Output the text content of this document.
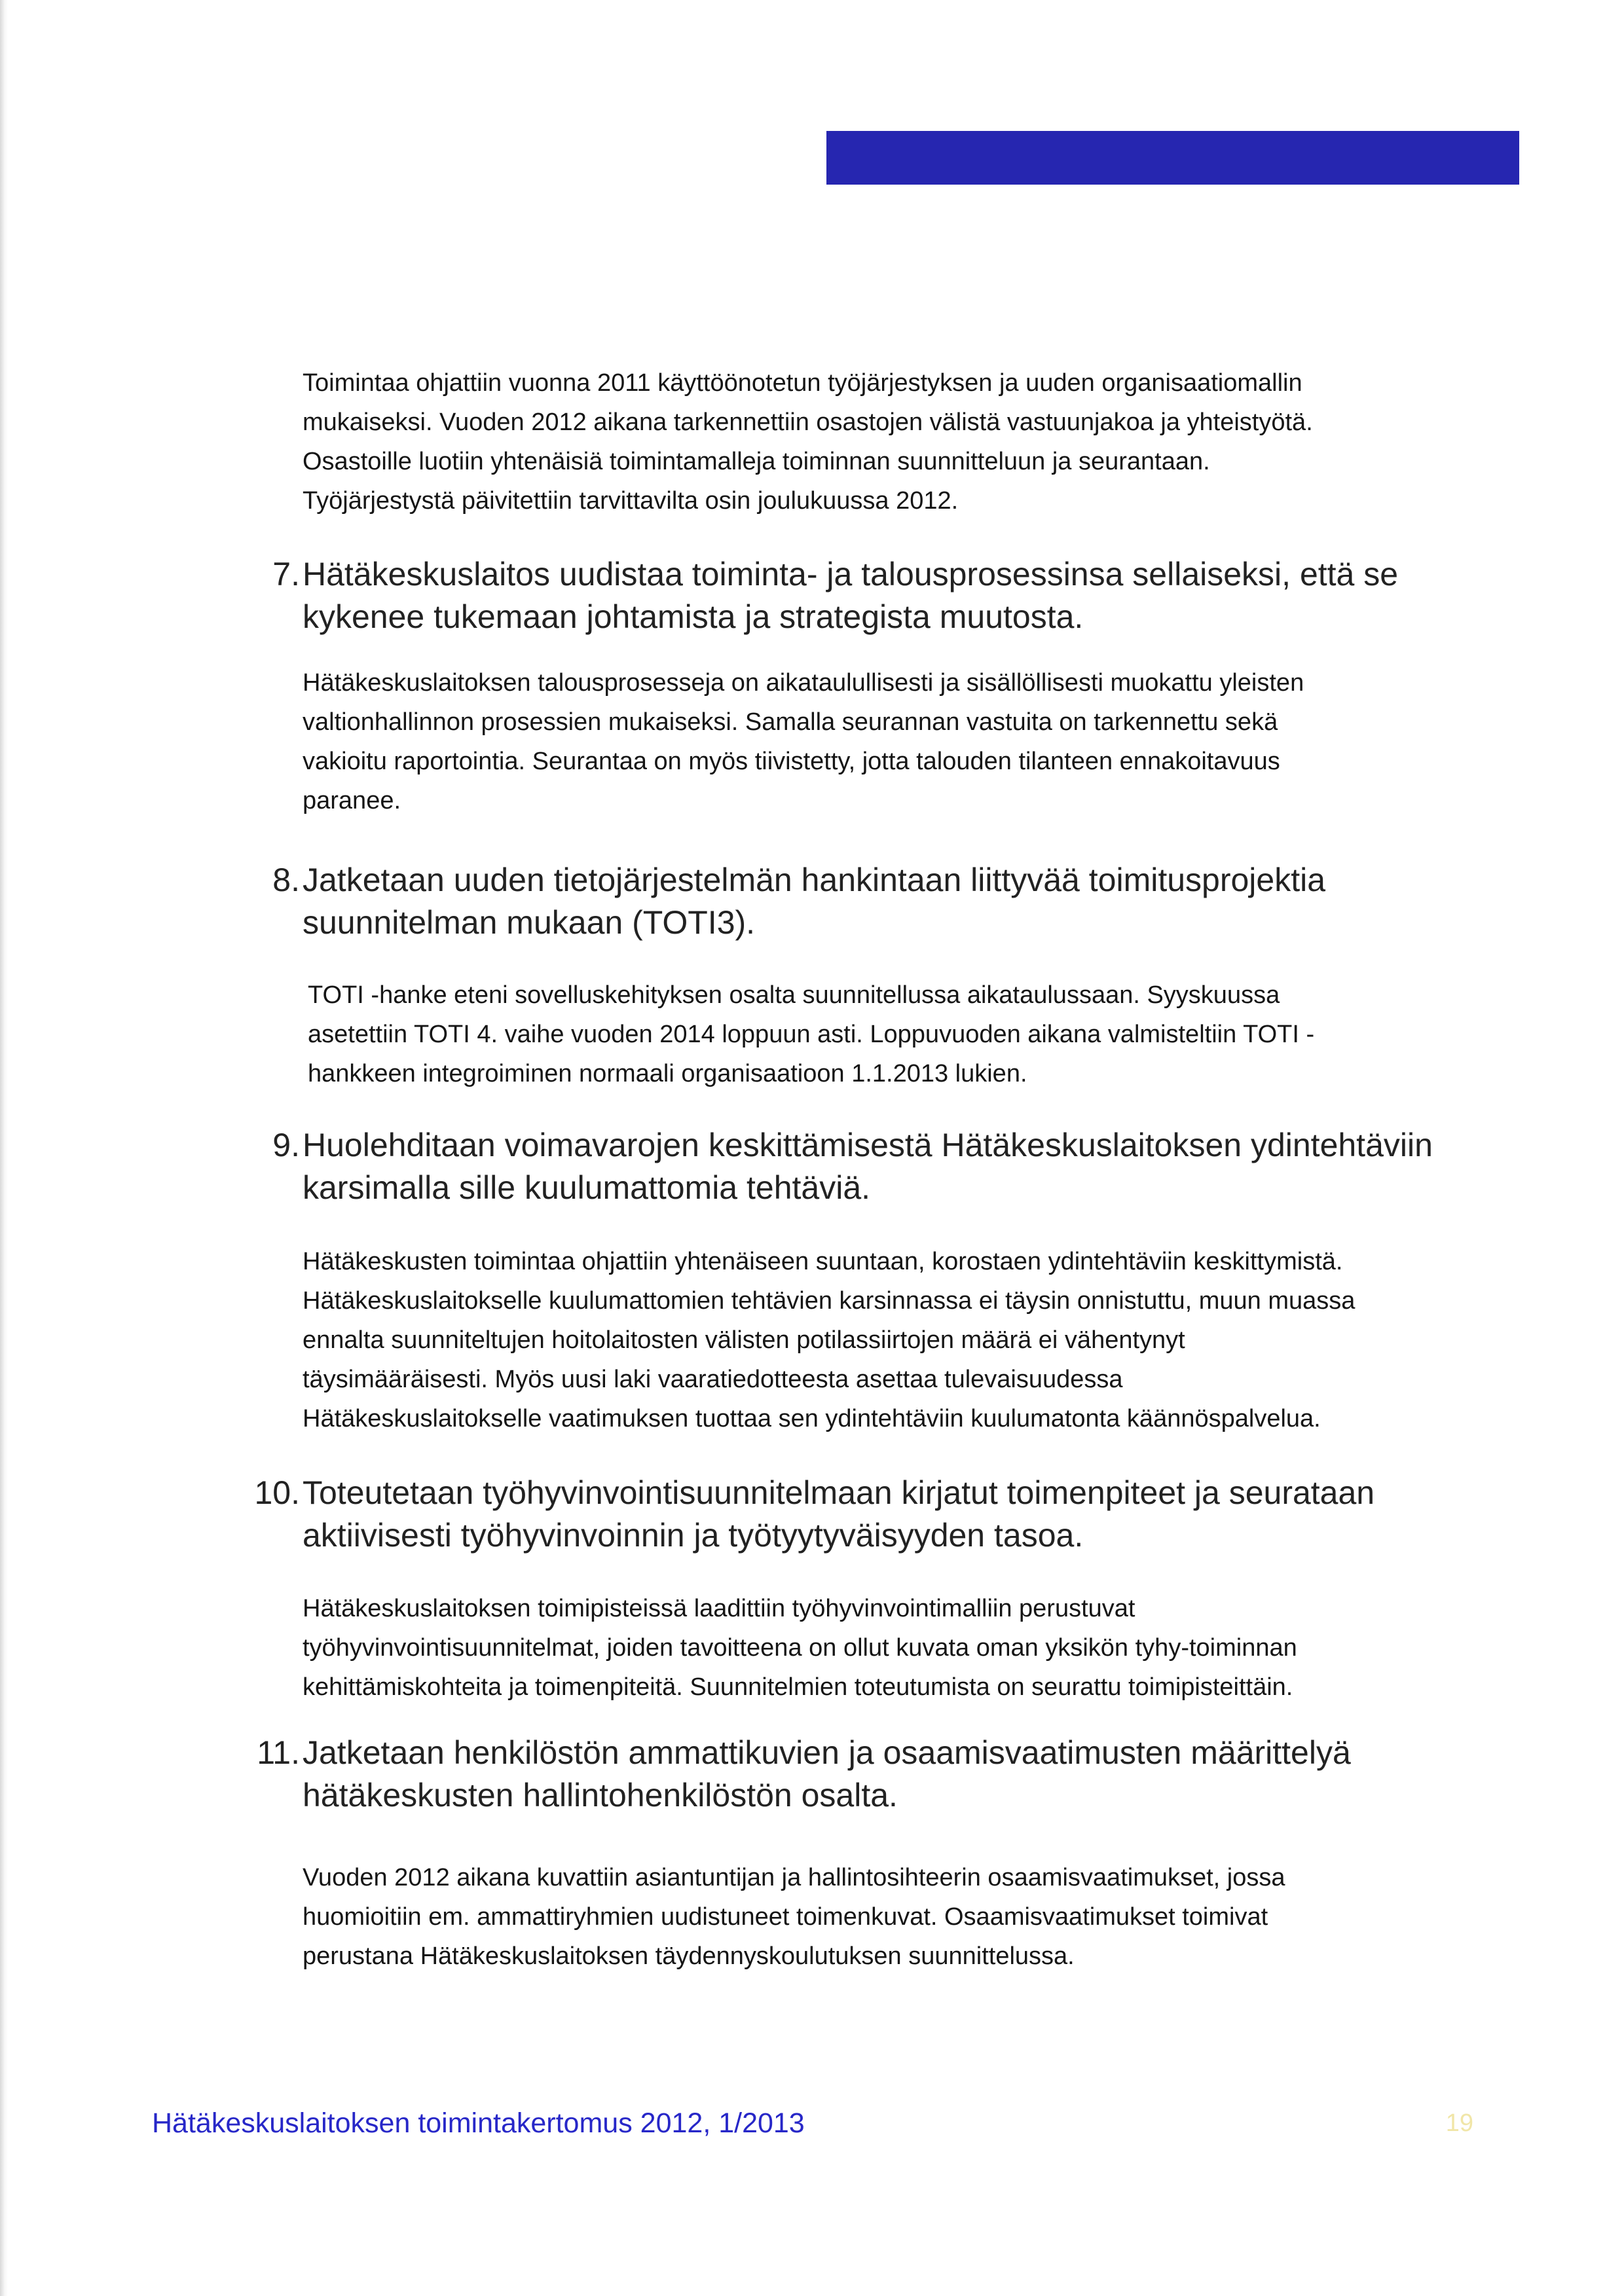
Toimintaa ohjattiin vuonna 2011 käyttöönotetun työjärjestyksen ja uuden organisaatiomallin
mukaiseksi. Vuoden 2012 aikana tarkennettiin osastojen välistä vastuunjakoa ja yhteistyötä.
Osastoille luotiin yhtenäisiä toimintamalleja toiminnan suunnitteluun ja seurantaan.
Työjärjestystä päivitettiin tarvittavilta osin joulukuussa 2012.

7. Hätäkeskuslaitos uudistaa toiminta- ja talousprosessinsa sellaiseksi, että se
kykenee tukemaan johtamista ja strategista muutosta.

Hätäkeskuslaitoksen talousprosesseja on aikataulullisesti ja sisällöllisesti muokattu yleisten
valtionhallinnon prosessien mukaiseksi. Samalla seurannan vastuita on tarkennettu sekä
vakioitu raportointia. Seurantaa on myös tiivistetty, jotta talouden tilanteen ennakoitavuus
paranee.

8. Jatketaan uuden tietojärjestelmän hankintaan liittyvää toimitusprojektia
suunnitelman mukaan (TOTI3).

TOTI -hanke eteni sovelluskehityksen osalta suunnitellussa aikataulussaan. Syyskuussa
asetettiin TOTI 4. vaihe vuoden 2014 loppuun asti. Loppuvuoden aikana valmisteltiin TOTI -
hankkeen integroiminen normaali organisaatioon 1.1.2013 lukien.

9. Huolehditaan voimavarojen keskittämisestä Hätäkeskuslaitoksen ydintehtäviin
karsimalla sille kuulumattomia tehtäviä.

Hätäkeskusten toimintaa ohjattiin yhtenäiseen suuntaan, korostaen ydintehtäviin keskittymistä.
Hätäkeskuslaitokselle kuulumattomien tehtävien karsinnassa ei täysin onnistuttu, muun muassa
ennalta suunniteltujen hoitolaitosten välisten potilassiirtojen määrä ei vähentynyt
täysimääräisesti. Myös uusi laki vaaratiedotteesta asettaa tulevaisuudessa
Hätäkeskuslaitokselle vaatimuksen tuottaa sen ydintehtäviin kuulumatonta käännöspalvelua.

10. Toteutetaan työhyvinvointisuunnitelmaan kirjatut toimenpiteet ja seurataan
aktiivisesti työhyvinvoinnin ja työtyytyväisyyden tasoa.

Hätäkeskuslaitoksen toimipisteissä laadittiin työhyvinvointimalliin perustuvat
työhyvinvointisuunnitelmat, joiden tavoitteena on ollut kuvata oman yksikön tyhy-toiminnan
kehittämiskohteita ja toimenpiteitä. Suunnitelmien toteutumista on seurattu toimipisteittäin.

11. Jatketaan henkilöstön ammattikuvien ja osaamisvaatimusten määrittelyä
hätäkeskusten hallintohenkilöstön osalta.

Vuoden 2012 aikana kuvattiin asiantuntijan ja hallintosihteerin osaamisvaatimukset, jossa
huomioitiin em. ammattiryhmien uudistuneet toimenkuvat. Osaamisvaatimukset toimivat
perustana Hätäkeskuslaitoksen täydennyskoulutuksen suunnittelussa.

Hätäkeskuslaitoksen toimintakertomus 2012, 1/2013	19
